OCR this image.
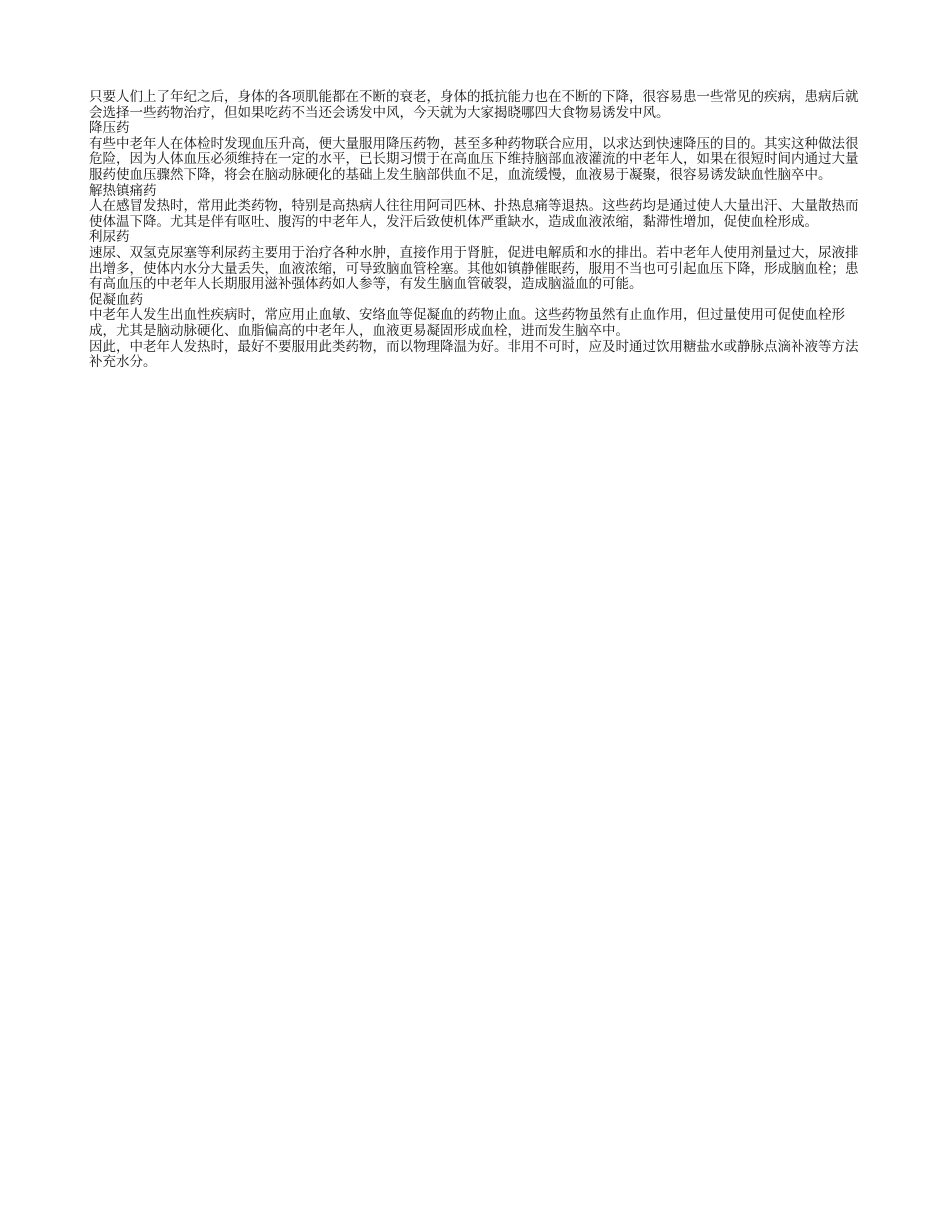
只要人们上了年纪之后，身体的各项肌能都在不断的衰老，身体的抵抗能力也在不断的下降，很容易患一些常见的疾病，患病后就会选择一些药物治疗，但如果吃药不当还会诱发中风，今天就为大家揭晓哪四大食物易诱发中风。

降压药

有些中老年人在体检时发现血压升高，便大量服用降压药物，甚至多种药物联合应用，以求达到快速降压的目的。其实这种做法很危险，因为人体血压必须维持在一定的水平，已长期习惯于在高血压下维持脑部血液灌流的中老年人，如果在很短时间内通过大量服药使血压骤然下降，将会在脑动脉硬化的基础上发生脑部供血不足，血流缓慢，血液易于凝聚，很容易诱发缺血性脑卒中。

解热镇痛药

人在感冒发热时，常用此类药物，特别是高热病人往往用阿司匹林、扑热息痛等退热。这些药均是通过使人大量出汗、大量散热而使体温下降。尤其是伴有呕吐、腹泻的中老年人，发汗后致使机体严重缺水，造成血液浓缩，黏滞性增加，促使血栓形成。

利尿药

速尿、双氢克尿塞等利尿药主要用于治疗各种水肿，直接作用于肾脏，促进电解质和水的排出。若中老年人使用剂量过大，尿液排出增多，使体内水分大量丢失，血液浓缩，可导致脑血管栓塞。其他如镇静催眠药，服用不当也可引起血压下降，形成脑血栓；患有高血压的中老年人长期服用滋补强体药如人参等，有发生脑血管破裂，造成脑溢血的可能。

促凝血药

中老年人发生出血性疾病时，常应用止血敏、安络血等促凝血的药物止血。这些药物虽然有止血作用，但过量使用可促使血栓形成，尤其是脑动脉硬化、血脂偏高的中老年人，血液更易凝固形成血栓，进而发生脑卒中。

因此，中老年人发热时，最好不要服用此类药物，而以物理降温为好。非用不可时，应及时通过饮用糖盐水或静脉点滴补液等方法补充水分。
